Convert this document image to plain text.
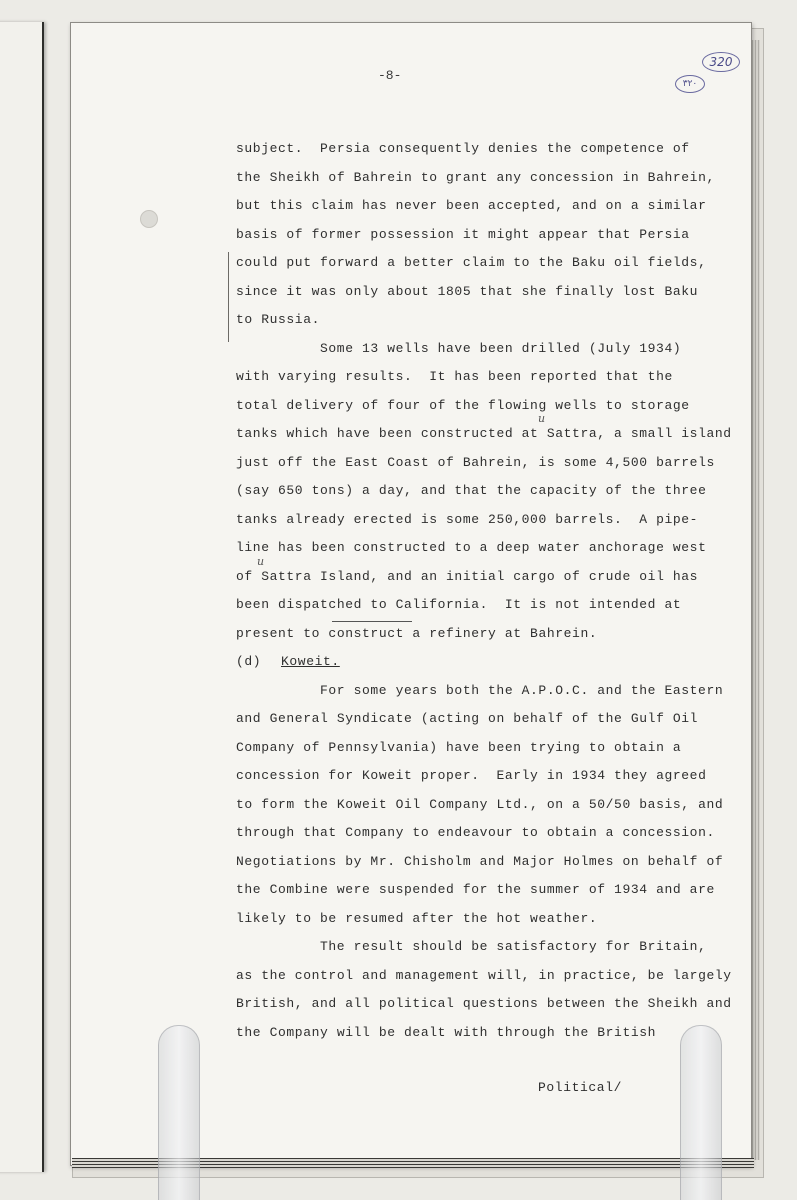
320
٣٢٠
-8-
subject.  Persia consequently denies the competence of
the Sheikh of Bahrein to grant any concession in Bahrein,
but this claim has never been accepted, and on a similar
basis of former possession it might appear that Persia
could put forward a better claim to the Baku oil fields,
since it was only about 1805 that she finally lost Baku
to Russia.
Some 13 wells have been drilled (July 1934)
with varying results.  It has been reported that the
total delivery of four of the flowing wells to storage
u
tanks which have been constructed at Sattra, a small island
just off the East Coast of Bahrein, is some 4,500 barrels
(say 650 tons) a day, and that the capacity of the three
tanks already erected is some 250,000 barrels.  A pipe-
line has been constructed to a deep water anchorage west
u
of Sattra Island, and an initial cargo of crude oil has
been dispatched to California.  It is not intended at
present to construct a refinery at Bahrein.
(d) Koweit.
For some years both the A.P.O.C. and the Eastern
and General Syndicate (acting on behalf of the Gulf Oil
Company of Pennsylvania) have been trying to obtain a
concession for Koweit proper.  Early in 1934 they agreed
to form the Koweit Oil Company Ltd., on a 50/50 basis, and
through that Company to endeavour to obtain a concession.
Negotiations by Mr. Chisholm and Major Holmes on behalf of
the Combine were suspended for the summer of 1934 and are
likely to be resumed after the hot weather.
The result should be satisfactory for Britain,
as the control and management will, in practice, be largely
British, and all political questions between the Sheikh and
the Company will be dealt with through the British
Political/
